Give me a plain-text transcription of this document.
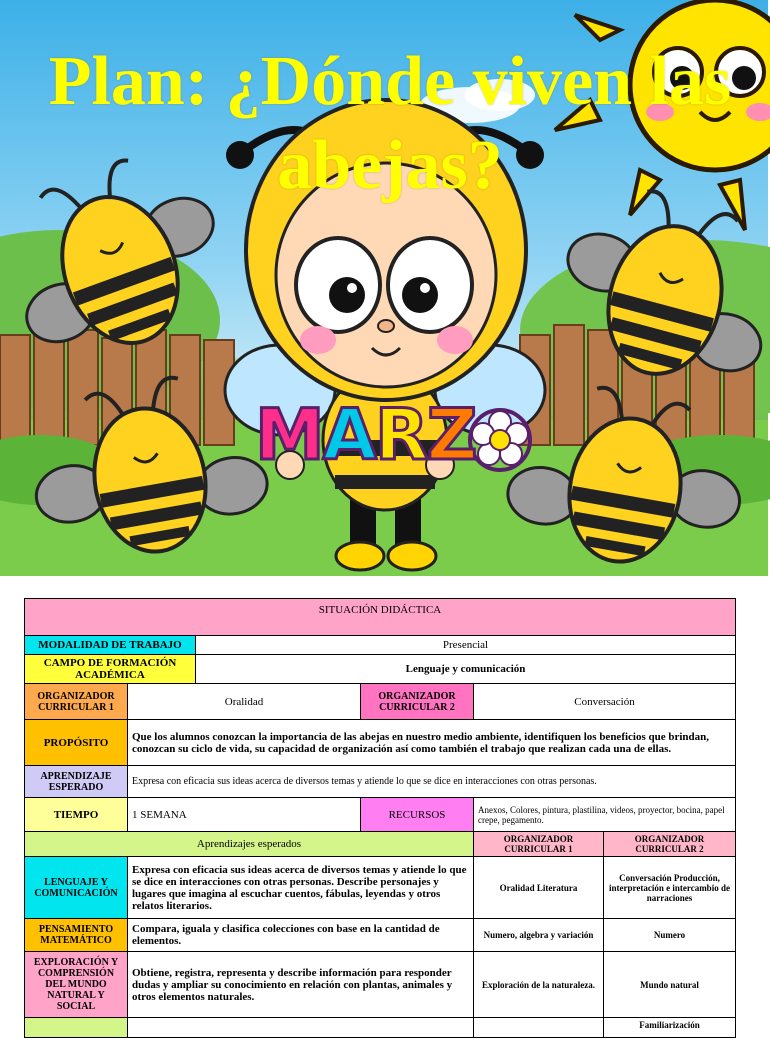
Plan: ¿Dónde viven las
abejas?
M A R Z
SITUACIÓN DIDÁCTICA					
MODALIDAD DE TRABAJO		Presencial			
CAMPO DE FORMACIÓN ACADÉMICA		Lenguaje y comunicación			
ORGANIZADOR CURRICULAR 1	Oralidad		ORGANIZADOR CURRICULAR 2	Conversación	
PROPÓSITO	Que los alumnos conozcan la importancia de las abejas en nuestro medio ambiente, identifiquen los beneficios que brindan, conozcan su ciclo de vida, su capacidad de organización así como también el trabajo que realizan cada una de ellas.				
APRENDIZAJE ESPERADO	Expresa con eficacia sus ideas acerca de diversos temas y atiende lo que se dice en interacciones con otras personas.				
TIEMPO	1 SEMANA		RECURSOS	Anexos, Colores, pintura, plastilina, videos, proyector, bocina, papel crepe, pegamento.	
Aprendizajes esperados				ORGANIZADOR CURRICULAR 1	ORGANIZADOR CURRICULAR 2
LENGUAJE Y COMUNICACIÓN	Expresa con eficacia sus ideas acerca de diversos temas y atiende lo que se dice en interacciones con otras personas. Describe personajes y lugares que imagina al escuchar cuentos, fábulas, leyendas y otros relatos literarios.			Oralidad Literatura	Conversación Producción, interpretación e intercambio de narraciones
PENSAMIENTO MATEMÁTICO	Compara, iguala y clasifica colecciones con base en la cantidad de elementos.			Numero, algebra y variación	Numero
EXPLORACIÓN Y COMPRENSIÓN DEL MUNDO NATURAL Y SOCIAL	Obtiene, registra, representa y describe información para responder dudas y ampliar su conocimiento en relación con plantas, animales y otros elementos naturales.			Exploración de la naturaleza.	Mundo natural
					Familiarización
